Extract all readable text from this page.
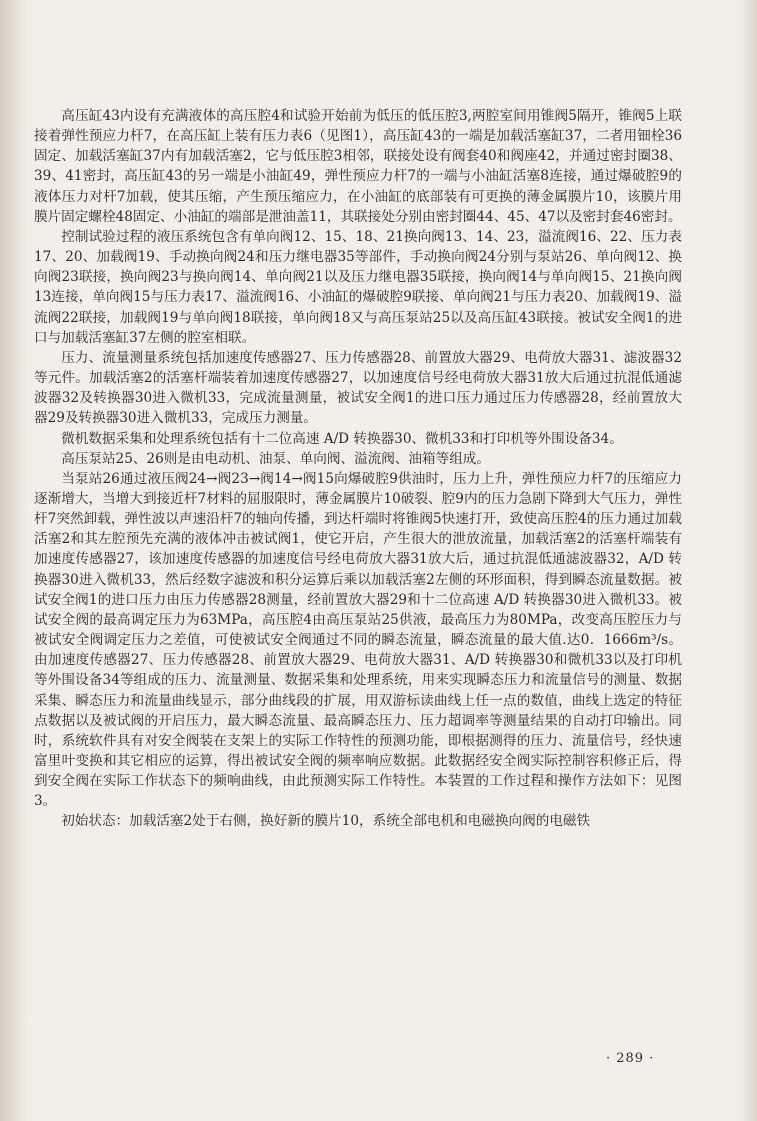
高压缸43内设有充满液体的高压腔4和试验开始前为低压的低压腔3,两腔室间用锥阀5隔开，锥阀5上联接着弹性预应力杆7，在高压缸上装有压力表6（见图1），高压缸43的一端是加载活塞缸37，二者用钿栓36固定、加载活塞缸37内有加载活塞2，它与低压腔3相邻，联接处设有阀套40和阀座42，并通过密封圈38、39、41密封，高压缸43的另一端是小油缸49，弹性预应力杆7的一端与小油缸活塞8连接，通过爆破腔9的液体压力对杆7加载，使其压缩，产生预压缩应力，在小油缸的底部装有可更换的薄金属膜片10，该膜片用膜片固定螺栓48固定、小油缸的端部是泄油盖11，其联接处分别由密封圈44、45、47以及密封套46密封。

控制试验过程的液压系统包含有单向阀12、15、18、21换向阀13、14、23，溢流阀16、22、压力表17、20、加载阀19、手动换向阀24和压力继电器35等部件，手动换向阀24分别与泵站26、单向阀12、换向阀23联接，换向阀23与换向阀14、单向阀21以及压力继电器35联接，换向阀14与单向阀15、21换向阀13连接，单向阀15与压力表17、溢流阀16、小油缸的爆破腔9联接、单向阀21与压力表20、加载阀19、溢流阀22联接，加载阀19与单向阀18联接，单向阀18又与高压泵站25以及高压缸43联接。被试安全阀1的进口与加载活塞缸37左侧的腔室相联。

压力、流量测量系统包括加速度传感器27、压力传感器28、前置放大器29、电荷放大器31、滤波器32等元件。加载活塞2的活塞杆端装着加速度传感器27，以加速度信号经电荷放大器31放大后通过抗混低通滤波器32及转换器30进入微机33，完成流量测量，被试安全阀1的进口压力通过压力传感器28，经前置放大器29及转换器30进入微机33，完成压力测量。

微机数据采集和处理系统包括有十二位高速 A/D 转换器30、微机33和打印机等外围设备34。

高压泵站25、26则是由电动机、油泵、单向阀、溢流阀、油箱等组成。

当泵站26通过液压阀24→阀23→阀14→阀15向爆破腔9供油时，压力上升，弹性预应力杆7的压缩应力逐渐增大，当增大到接近杆7材料的屈服限时，薄金属膜片10破裂、腔9内的压力急剧下降到大气压力，弹性杆7突然卸载，弹性波以声速沿杆7的轴向传播，到达杆端时将锥阀5快速打开，致使高压腔4的压力通过加载活塞2和其左腔预先充满的液体冲击被试阀1，使它开启，产生很大的泄放流量，加载活塞2的活塞杆端装有加速度传感器27，该加速度传感器的加速度信号经电荷放大器31放大后，通过抗混低通滤波器32，A/D 转换器30进入微机33，然后经数字滤波和积分运算后乘以加载活塞2左侧的环形面积，得到瞬态流量数据。被试安全阀1的进口压力由压力传感器28测量，经前置放大器29和十二位高速 A/D 转换器30进入微机33。被试安全阀的最高调定压力为63MPa，高压腔4由高压泵站25供液，最高压力为80MPa，改变高压腔压力与被试安全阀调定压力之差值，可使被试安全阀通过不同的瞬态流量，瞬态流量的最大值.达0．1666m³/s。由加速度传感器27、压力传感器28、前置放大器29、电荷放大器31、A/D 转换器30和微机33以及打印机等外围设备34等组成的压力、流量测量、数据采集和处理系统，用来实现瞬态压力和流量信号的测量、数据采集、瞬态压力和流量曲线显示，部分曲线段的扩展，用双游标读曲线上任一点的数值，曲线上选定的特征点数据以及被试阀的开启压力，最大瞬态流量、最高瞬态压力、压力超调率等测量结果的自动打印输出。同时，系统软件具有对安全阀装在支架上的实际工作特性的预测功能，即根据测得的压力、流量信号，经快速富里叶变换和其它相应的运算，得出被试安全阀的频率响应数据。此数据经安全阀实际控制容积修正后，得到安全阀在实际工作状态下的频响曲线，由此预测实际工作特性。本装置的工作过程和操作方法如下：见图3。

初始状态：加载活塞2处于右侧，换好新的膜片10，系统全部电机和电磁换向阀的电磁铁

· 289 ·
